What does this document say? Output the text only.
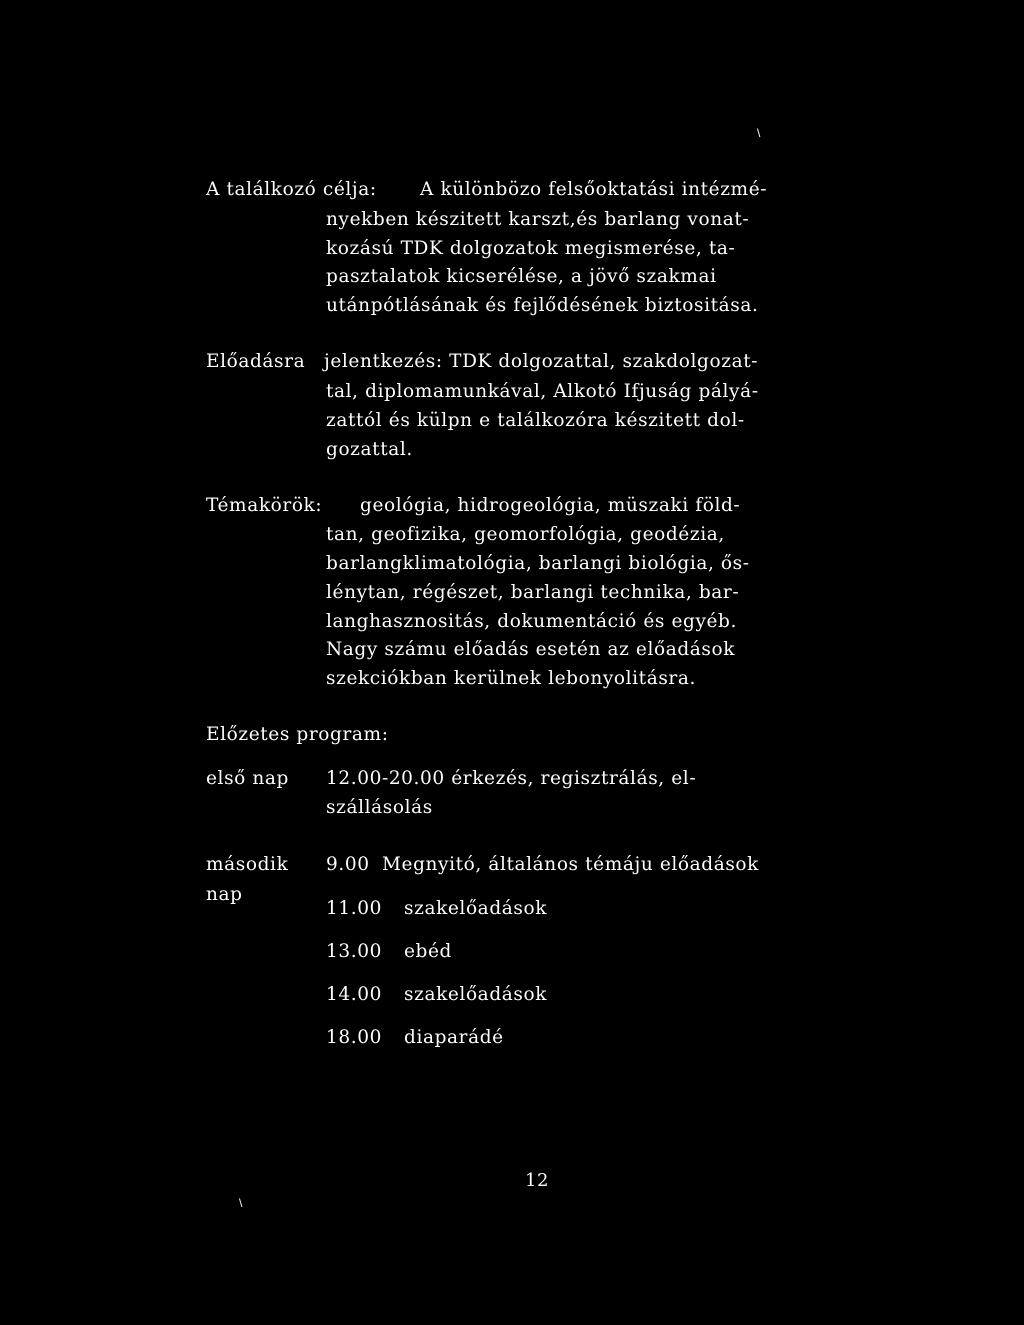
\
\
A találkozó célja: A különbözo felsőoktatási intézmé-
nyekben készitett karszt,és barlang vonat-
kozású TDK dolgozatok megismerése, ta-
pasztalatok kicserélése, a jövő szakmai
utánpótlásának és fejlődésének biztositása.
Előadásra jelentkezés: TDK dolgozattal, szakdolgozat-
tal, diplomamunkával, Alkotó Ifjuság pályá-
zattól és külpn e találkozóra készitett dol-
gozattal.
Témakörök: geológia, hidrogeológia, müszaki föld-
tan, geofizika, geomorfológia, geodézia,
barlangklimatológia, barlangi biológia, ős-
lénytan, régészet, barlangi technika, bar-
langhasznositás, dokumentáció és egyéb.
Nagy számu előadás esetén az előadások
szekciókban kerülnek lebonyolitásra.
Előzetes program:
első nap 12.00-20.00 érkezés, regisztrálás, el-
szállásolás
második
nap
9.00 Megnyitó, általános témáju előadások
11.00 szakelőadások
13.00 ebéd
14.00 szakelőadások
18.00 diaparádé
12
